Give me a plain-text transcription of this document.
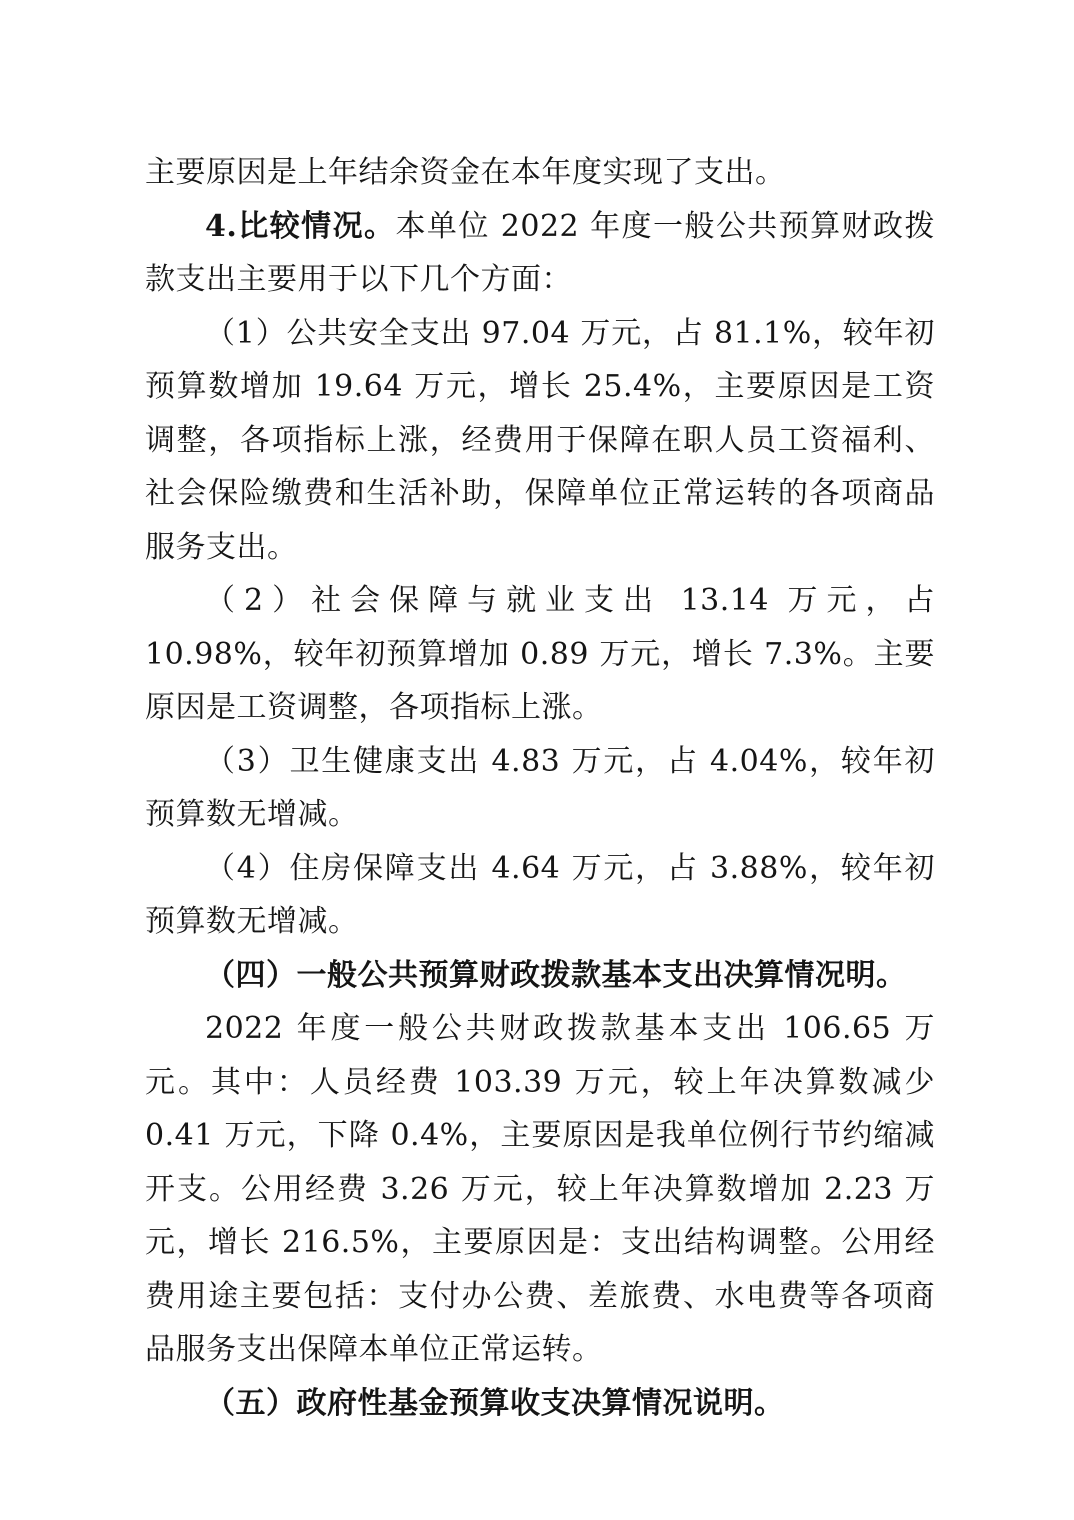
主要原因是上年结余资金在本年度实现了支出。

4.比较情况。本单位 2022 年度一般公共预算财政拨款支出主要用于以下几个方面：

（1）公共安全支出 97.04 万元，占 81.1%，较年初预算数增加 19.64 万元，增长 25.4%，主要原因是工资调整，各项指标上涨，经费用于保障在职人员工资福利、社会保险缴费和生活补助，保障单位正常运转的各项商品服务支出。

（2）社会保障与就业支出 13.14 万元，占 10.98%，较年初预算增加 0.89 万元，增长 7.3%。主要原因是工资调整，各项指标上涨。

（3）卫生健康支出 4.83 万元，占 4.04%，较年初预算数无增减。

（4）住房保障支出 4.64 万元，占 3.88%，较年初预算数无增减。

（四）一般公共预算财政拨款基本支出决算情况明。

2022 年度一般公共财政拨款基本支出 106.65 万元。其中：人员经费 103.39 万元，较上年决算数减少 0.41 万元，下降 0.4%，主要原因是我单位例行节约缩减开支。公用经费 3.26 万元，较上年决算数增加 2.23 万元，增长 216.5%，主要原因是：支出结构调整。公用经费用途主要包括：支付办公费、差旅费、水电费等各项商品服务支出保障本单位正常运转。

（五）政府性基金预算收支决算情况说明。
